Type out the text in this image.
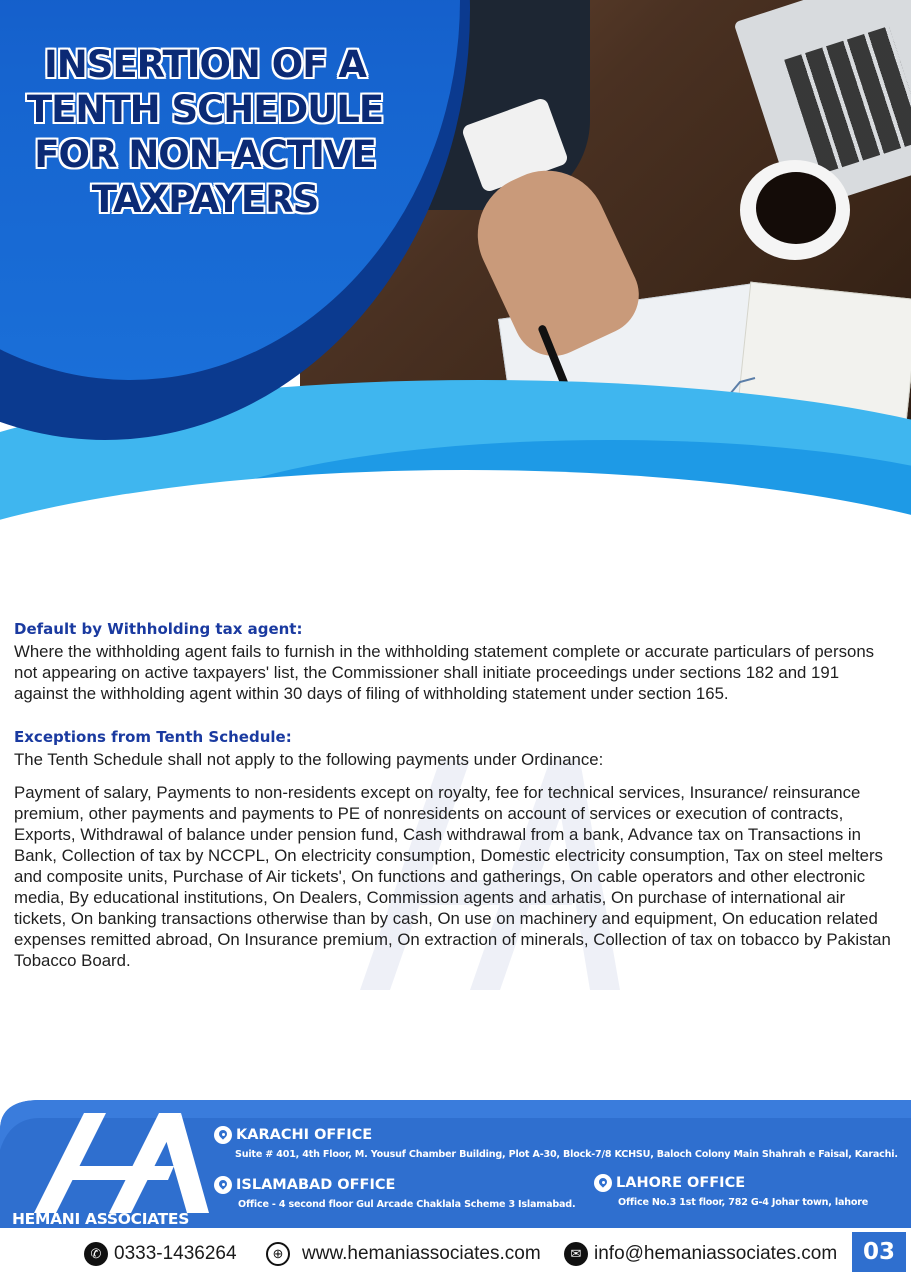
INSERTION OF A
TENTH SCHEDULE
FOR NON-ACTIVE
TAXPAYERS
Default by Withholding tax agent:

Where the withholding agent fails to furnish in the withholding statement complete or accurate particulars of persons not appearing on active taxpayers' list, the Commissioner shall initiate proceedings under sections 182 and 191 against the withholding agent within 30 days of filing of withholding statement under section 165.

Exceptions from Tenth Schedule:

The Tenth Schedule shall not apply to the following payments under Ordinance:

Payment of salary, Payments to non-residents except on royalty, fee for technical services, Insurance/ reinsurance premium, other payments and payments to PE of nonresidents on account of services or execution of contracts, Exports, Withdrawal of balance under pension fund, Cash withdrawal from a bank, Advance tax on Transactions in Bank, Collection of tax by NCCPL, On electricity consumption, Domestic electricity consumption, Tax on steel melters and composite units, Purchase of Air tickets', On functions and gatherings, On cable operators and other electronic media, By educational institutions, On Dealers, Commission agents and arhatis, On purchase of international air tickets, On banking transactions otherwise than by cash, On use on machinery and equipment, On education related expenses remitted abroad, On Insurance premium, On extraction of minerals, Collection of tax on tobacco by Pakistan Tobacco Board.

HEMANI ASSOCIATES
KARACHI OFFICE
Suite # 401, 4th Floor, M. Yousuf Chamber Building, Plot A-30, Block-7/8 KCHSU, Baloch Colony Main Shahrah e Faisal, Karachi.
ISLAMABAD OFFICE
Office - 4 second floor Gul Arcade Chaklala Scheme 3 Islamabad.
LAHORE OFFICE
Office No.3 1st floor, 782 G-4 Johar town, lahore
✆ 0333-1436264	⊕ www.hemaniassociates.com	✉ info@hemaniassociates.com	03
